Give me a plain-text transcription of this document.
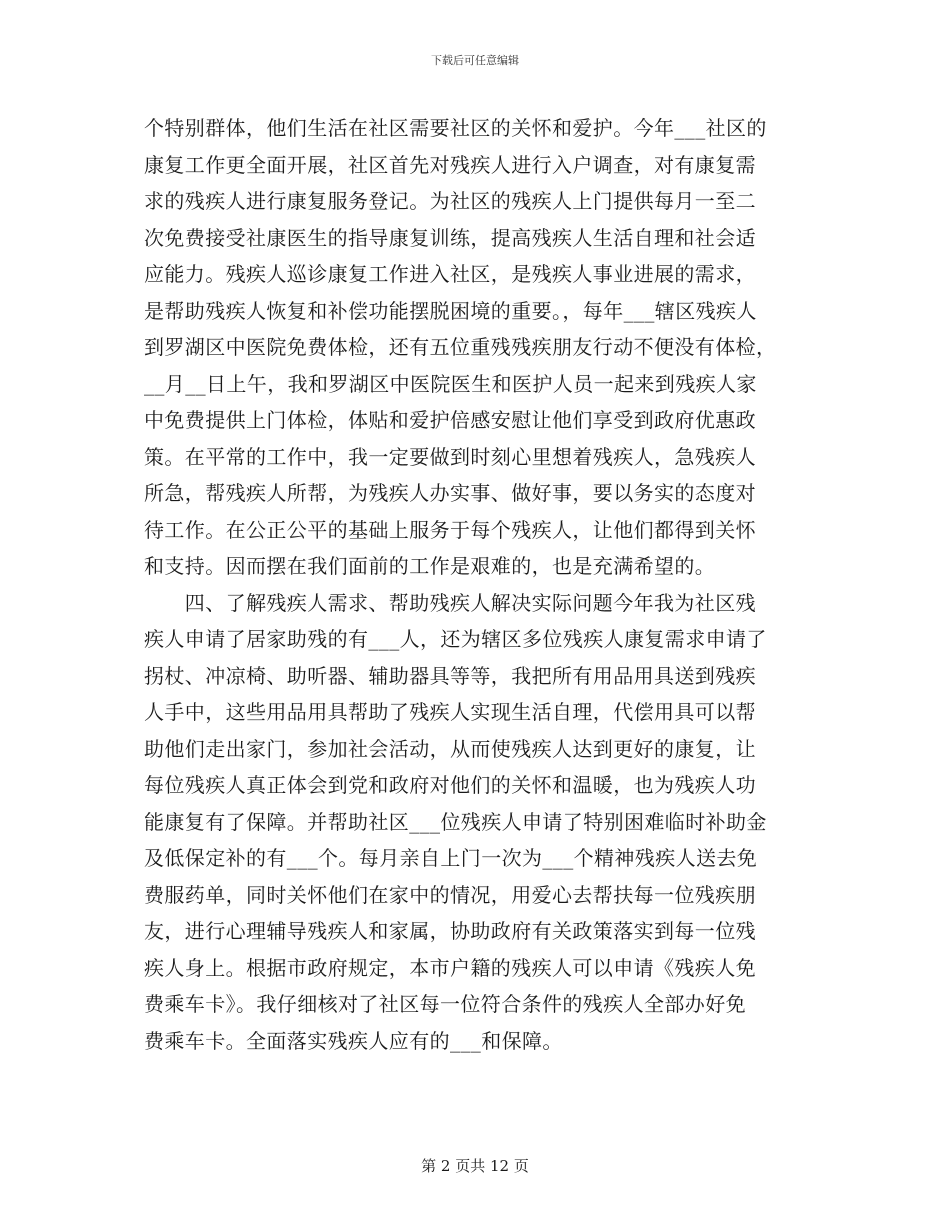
下载后可任意编辑
个特别群体，他们生活在社区需要社区的关怀和爱护。今年___社区的
康复工作更全面开展，社区首先对残疾人进行入户调查，对有康复需
求的残疾人进行康复服务登记。为社区的残疾人上门提供每月一至二
次免费接受社康医生的指导康复训练，提高残疾人生活自理和社会适
应能力。残疾人巡诊康复工作进入社区，是残疾人事业进展的需求，
是帮助残疾人恢复和补偿功能摆脱困境的重要。，每年___辖区残疾人
到罗湖区中医院免费体检，还有五位重残残疾朋友行动不便没有体检，
__月__日上午，我和罗湖区中医院医生和医护人员一起来到残疾人家
中免费提供上门体检，体贴和爱护倍感安慰让他们享受到政府优惠政
策。在平常的工作中，我一定要做到时刻心里想着残疾人，急残疾人
所急，帮残疾人所帮，为残疾人办实事、做好事，要以务实的态度对
待工作。在公正公平的基础上服务于每个残疾人，让他们都得到关怀
和支持。因而摆在我们面前的工作是艰难的，也是充满希望的。
　　四、了解残疾人需求、帮助残疾人解决实际问题今年我为社区残
疾人申请了居家助残的有___人，还为辖区多位残疾人康复需求申请了
拐杖、冲凉椅、助听器、辅助器具等等，我把所有用品用具送到残疾
人手中，这些用品用具帮助了残疾人实现生活自理，代偿用具可以帮
助他们走出家门，参加社会活动，从而使残疾人达到更好的康复，让
每位残疾人真正体会到党和政府对他们的关怀和温暖，也为残疾人功
能康复有了保障。并帮助社区___位残疾人申请了特别困难临时补助金
及低保定补的有___个。每月亲自上门一次为___个精神残疾人送去免
费服药单，同时关怀他们在家中的情况，用爱心去帮扶每一位残疾朋
友，进行心理辅导残疾人和家属，协助政府有关政策落实到每一位残
疾人身上。根据市政府规定，本市户籍的残疾人可以申请《残疾人免
费乘车卡》。我仔细核对了社区每一位符合条件的残疾人全部办好免
费乘车卡。全面落实残疾人应有的___和保障。
第 2 页共 12 页
